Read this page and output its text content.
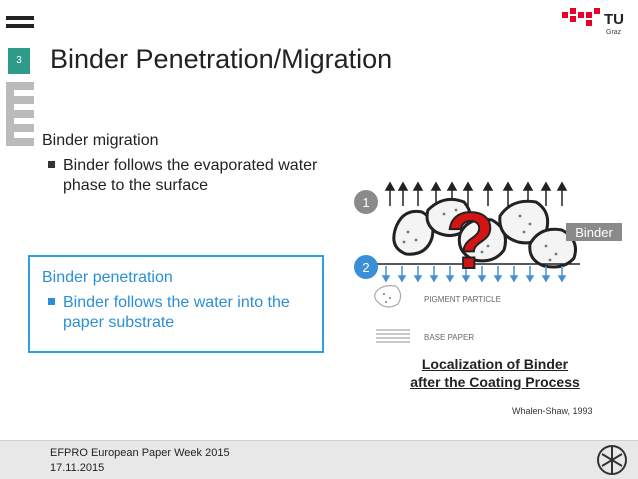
3	Binder Penetration/Migration
TU
Graz
Binder migration
Binder follows the evaporated water phase to the surface
Binder penetration
Binder follows the water into the paper substrate
?
1
2
Binder
PIGMENT PARTICLE
BASE PAPER
Localization of Binder
after the Coating Process
Whalen-Shaw, 1993
EFPRO European Paper Week 2015
17.11.2015
